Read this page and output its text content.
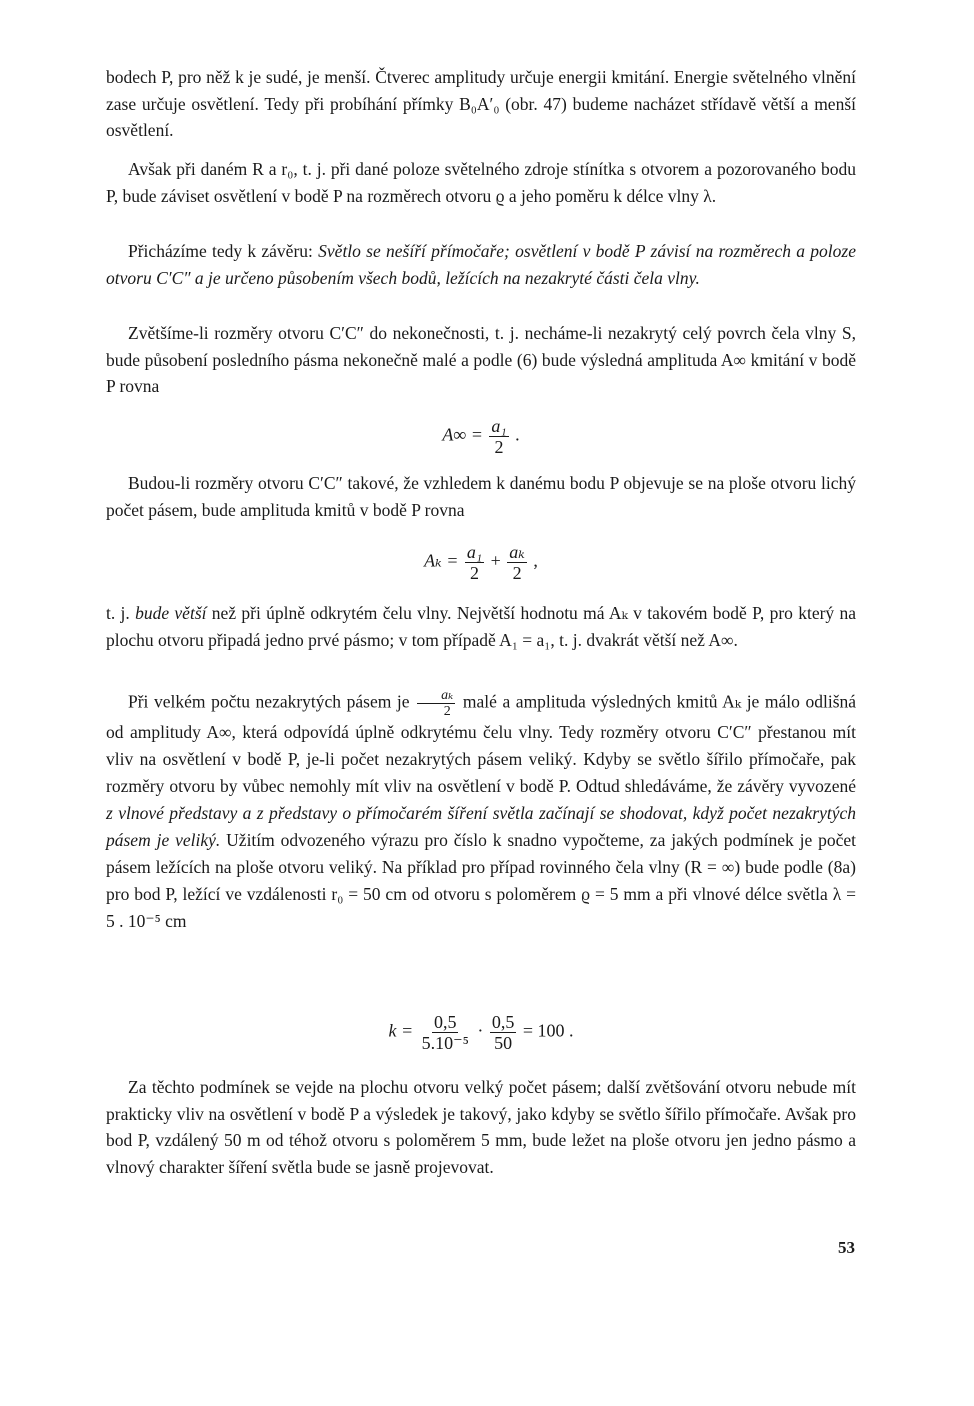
bodech P, pro něž k je sudé, je menší. Čtverec amplitudy určuje energii kmitání. Energie světelného vlnění zase určuje osvětlení. Tedy při probíhání přímky B₀A′₀ (obr. 47) budeme nacházet střídavě větší a menší osvětlení.

Avšak při daném R a r₀, t. j. při dané poloze světelného zdroje stínítka s otvorem a pozorovaného bodu P, bude záviset osvětlení v bodě P na rozměrech otvoru ϱ a jeho poměru k délce vlny λ.

Přicházíme tedy k závěru: Světlo se nešíří přímočaře; osvětlení v bodě P závisí na rozměrech a poloze otvoru C′C″ a je určeno působením všech bodů, ležících na nezakryté části čela vlny.

Zvětšíme-li rozměry otvoru C′C″ do nekonečnosti, t. j. necháme-li nezakrytý celý povrch čela vlny S, bude působení posledního pásma nekonečně malé a podle (6) bude výsledná amplituda A∞ kmitání v bodě P rovna

$A\infty = \frac{\text{a₁}}{2}$ .

Budou-li rozměry otvoru C′C″ takové, že vzhledem k danému bodu P objevuje se na ploše otvoru lichý počet pásem, bude amplituda kmitů v bodě P rovna

$A_k = \frac{\text{a₁}}{2} + \frac{\text{aₖ}}{2}$ ,

t. j. bude větší než při úplně odkrytém čelu vlny. Největší hodnotu má Aₖ v takovém bodě P, pro který na plochu otvoru připadá jedno prvé pásmo; v tom případě A₁ = a₁, t. j. dvakrát větší než A∞.

Při velkém počtu nezakrytých pásem je $\frac{\text{aₖ}}{2}$ malé a amplituda výsledných kmitů Aₖ je málo odlišná od amplitudy A∞, která odpovídá úplně odkrytému čelu vlny. Tedy rozměry otvoru C′C″ přestanou mít vliv na osvětlení v bodě P, je-li počet nezakrytých pásem veliký. Kdyby se světlo šířilo přímočaře, pak rozměry otvoru by vůbec nemohly mít vliv na osvětlení v bodě P. Odtud shledáváme, že závěry vyvozené z vlnové představy a z představy o přímočarém šíření světla začínají se shodovat, když počet nezakrytých pásem je veliký. Užitím odvozeného výrazu pro číslo k snadno vypočteme, za jakých podmínek je počet pásem ležících na ploše otvoru veliký. Na příklad pro případ rovinného čela vlny (R = ∞) bude podle (8a) pro bod P, ležící ve vzdálenosti r₀ = 50 cm od otvoru s poloměrem ϱ = 5 mm a při vlnové délce světla λ = 5 . 10⁻⁵ cm

$k = \frac{0,5}{\text{5.10⁻⁵}} \cdot \frac{0,5}{50} = 100$ .

Za těchto podmínek se vejde na plochu otvoru velký počet pásem; další zvětšování otvoru nebude mít prakticky vliv na osvětlení v bodě P a výsledek je takový, jako kdyby se světlo šířilo přímočaře. Avšak pro bod P, vzdálený 50 m od téhož otvoru s poloměrem 5 mm, bude ležet na ploše otvoru jen jedno pásmo a vlnový charakter šíření světla bude se jasně projevovat.

53
